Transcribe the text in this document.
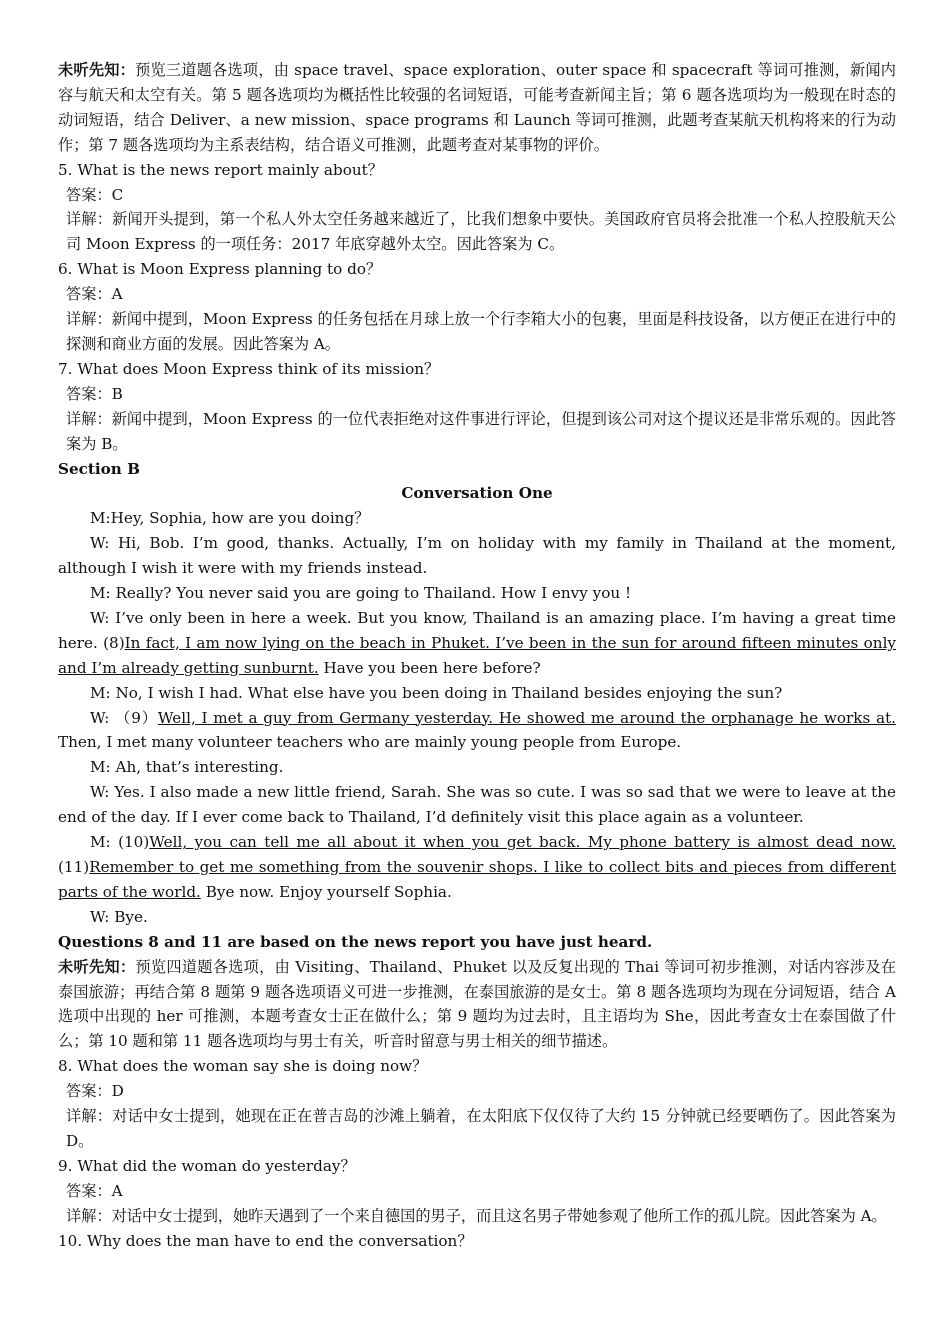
未听先知：预览三道题各选项，由 space travel、space exploration、outer space 和 spacecraft 等词可推测，新闻内容与航天和太空有关。第 5 题各选项均为概括性比较强的名词短语，可能考查新闻主旨；第 6 题各选项均为一般现在时态的动词短语，结合 Deliver、a new mission、space programs 和 Launch 等词可推测，此题考查某航天机构将来的行为动作；第 7 题各选项均为主系表结构，结合语义可推测，此题考查对某事物的评价。

5. What is the news report mainly about？

答案：C

详解：新闻开头提到，第一个私人外太空任务越来越近了，比我们想象中要快。美国政府官员将会批准一个私人控股航天公司 Moon Express 的一项任务：2017 年底穿越外太空。因此答案为 C。

6. What is Moon Express planning to do？

答案：A

详解：新闻中提到，Moon Express 的任务包括在月球上放一个行李箱大小的包裹，里面是科技设备，以方便正在进行中的探测和商业方面的发展。因此答案为 A。

7. What does Moon Express think of its mission？

答案：B

详解：新闻中提到，Moon Express 的一位代表拒绝对这件事进行评论，但提到该公司对这个提议还是非常乐观的。因此答案为 B。

Section B

Conversation One

M:Hey, Sophia, how are you doing？

W: Hi, Bob. I’m good, thanks. Actually, I’m on holiday with my family in Thailand at the moment, although I wish it were with my friends instead.

M: Really? You never said you are going to Thailand. How I envy you !

W: I’ve only been in here a week. But you know, Thailand is an amazing place. I’m having a great time here. (8)In fact, I am now lying on the beach in Phuket. I’ve been in the sun for around fifteen minutes only and I’m already getting sunburnt. Have you been here before?

M: No, I wish I had. What else have you been doing in Thailand besides enjoying the sun?

W: （9）Well, I met a guy from Germany yesterday. He showed me around the orphanage he works at. Then, I met many volunteer teachers who are mainly young people from Europe.

M: Ah, that’s interesting.

W: Yes. I also made a new little friend, Sarah. She was so cute. I was so sad that we were to leave at the end of the day. If I ever come back to Thailand, I’d definitely visit this place again as a volunteer.

M: (10)Well, you can tell me all about it when you get back. My phone battery is almost dead now. (11)Remember to get me something from the souvenir shops. I like to collect bits and pieces from different parts of the world. Bye now. Enjoy yourself Sophia.

W: Bye.

Questions 8 and 11 are based on the news report you have just heard.

未听先知：预览四道题各选项，由 Visiting、Thailand、Phuket 以及反复出现的 Thai 等词可初步推测，对话内容涉及在泰国旅游；再结合第 8 题第 9 题各选项语义可进一步推测，在泰国旅游的是女士。第 8 题各选项均为现在分词短语，结合 A 选项中出现的 her 可推测，本题考查女士正在做什么；第 9 题均为过去时，且主语均为 She，因此考查女士在泰国做了什么；第 10 题和第 11 题各选项均与男士有关，听音时留意与男士相关的细节描述。

8. What does the woman say she is doing now？

答案：D

详解：对话中女士提到，她现在正在普吉岛的沙滩上躺着，在太阳底下仅仅待了大约 15 分钟就已经要晒伤了。因此答案为 D。

9. What did the woman do yesterday？

答案：A

详解：对话中女士提到，她昨天遇到了一个来自德国的男子，而且这名男子带她参观了他所工作的孤儿院。因此答案为 A。

10. Why does the man have to end the conversation？
